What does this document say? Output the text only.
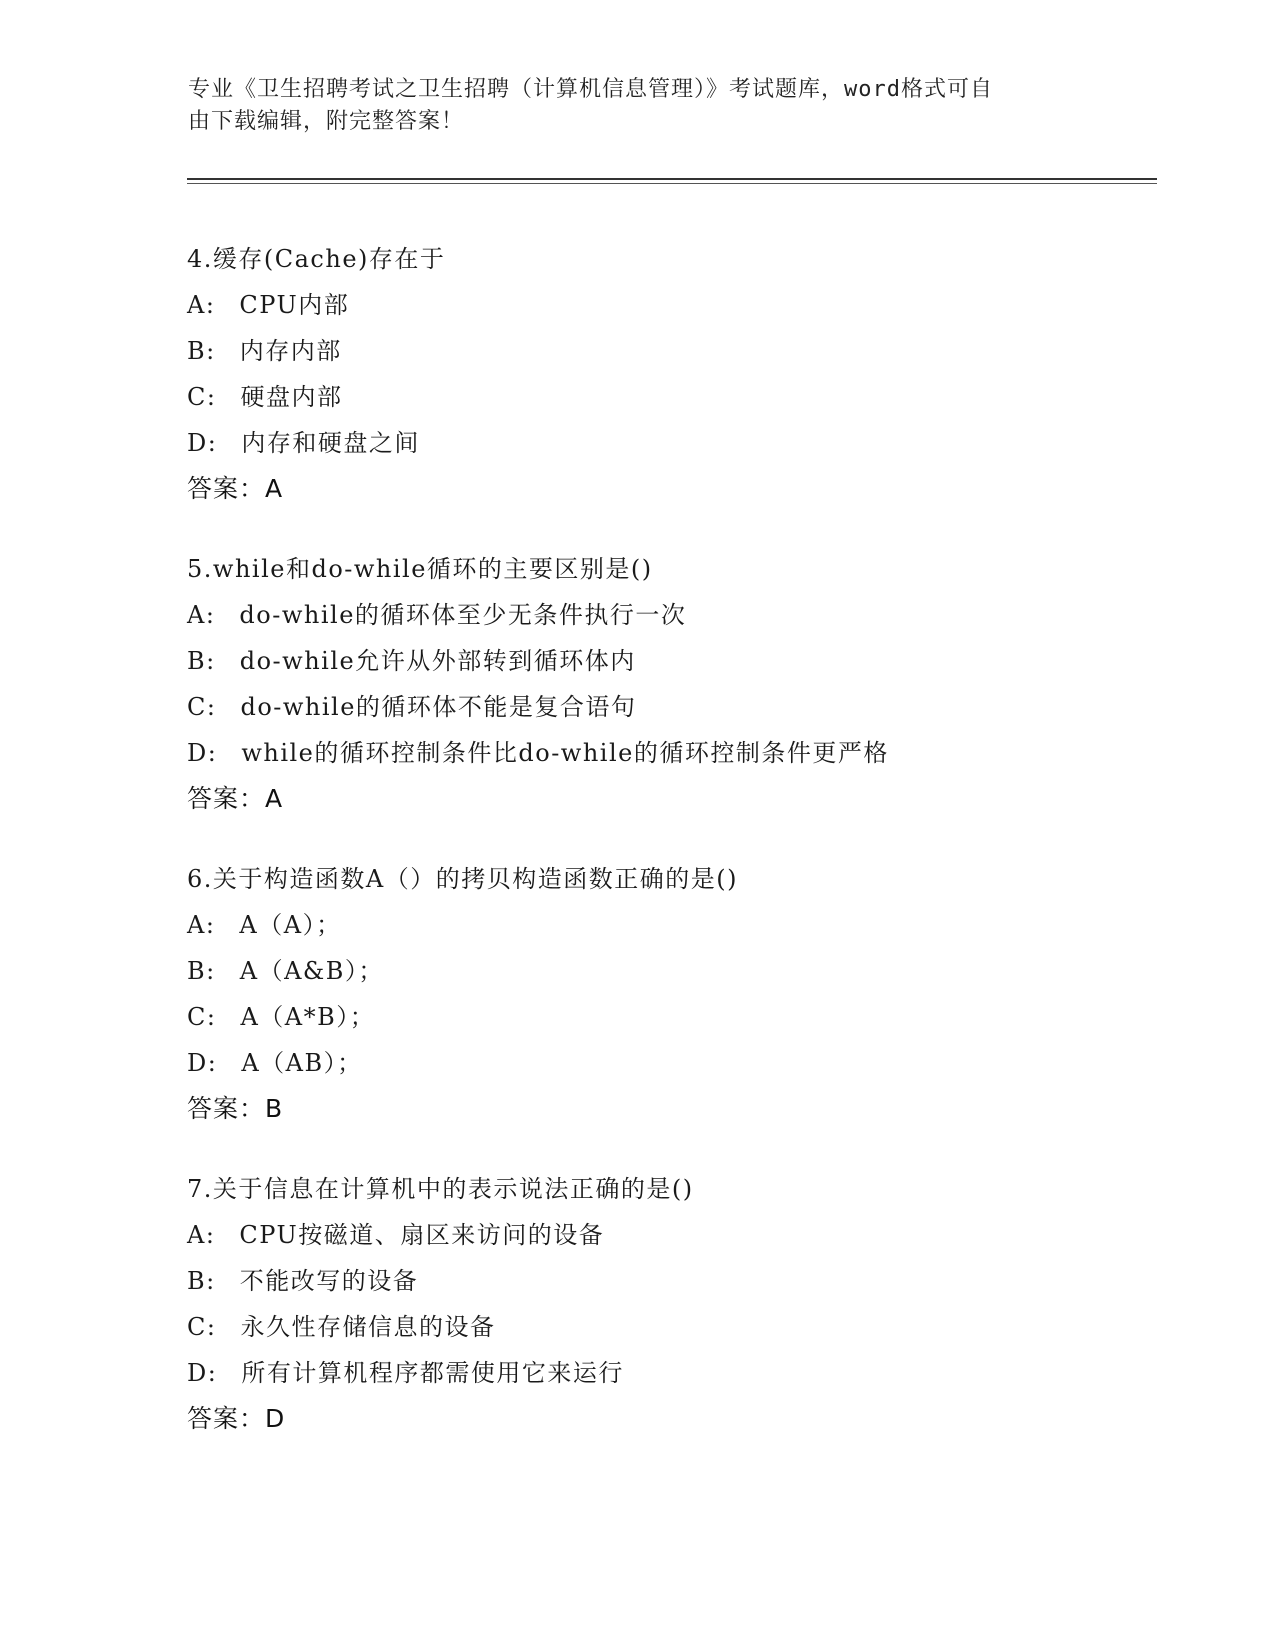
专业《卫生招聘考试之卫生招聘（计算机信息管理）》考试题库，word格式可自
由下载编辑，附完整答案！
4.缓存(Cache)存在于
A: CPU内部
B: 内存内部
C: 硬盘内部
D: 内存和硬盘之间
答案：A
5.while和do-while循环的主要区别是()
A: do-while的循环体至少无条件执行一次
B: do-while允许从外部转到循环体内
C: do-while的循环体不能是复合语句
D: while的循环控制条件比do-while的循环控制条件更严格
答案：A
6.关于构造函数A（）的拷贝构造函数正确的是()
A: A（A）；
B: A（A&B）；
C: A（A*B）；
D: A（AB）；
答案：B
7.关于信息在计算机中的表示说法正确的是()
A: CPU按磁道、扇区来访问的设备
B: 不能改写的设备
C: 永久性存储信息的设备
D: 所有计算机程序都需使用它来运行
答案：D
